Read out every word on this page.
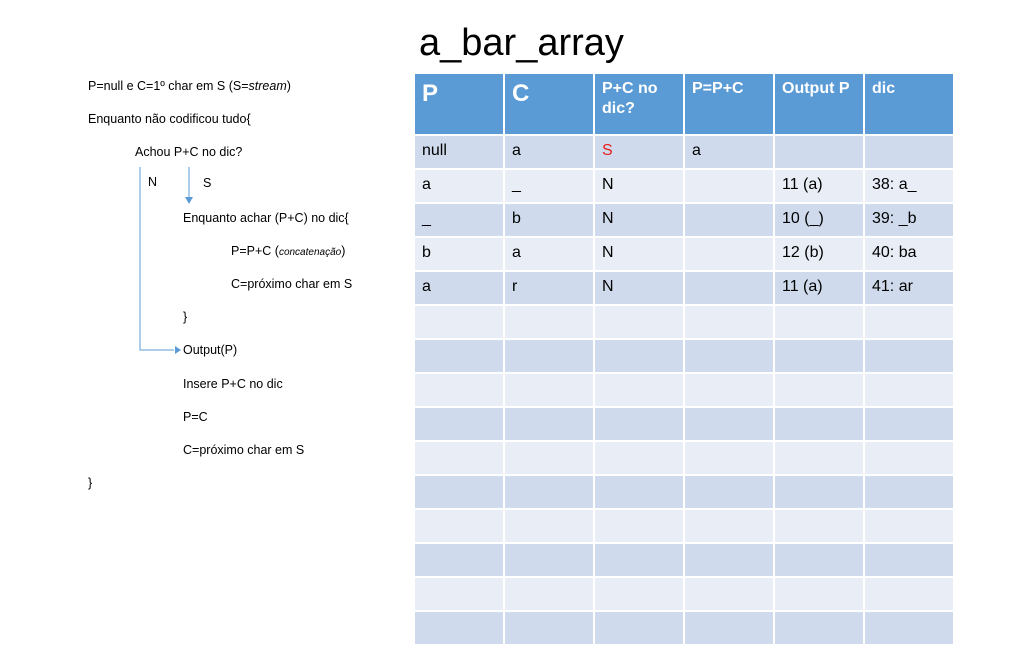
a_bar_array
P=null e C=1º char em S (S=stream)
Enquanto não codificou tudo{
Achou P+C no dic?
N	S
Enquanto achar (P+C) no dic{
P=P+C (concatenação)
C=próximo char em S
}
Output(P)
Insere P+C no dic
P=C
C=próximo char em S
}
P	C	P+C no dic?	P=P+C	Output P	dic
null	a	S	a		
a	_	N		11 (a)	38: a_
_	b	N		10 (_)	39: _b
b	a	N		12 (b)	40: ba
a	r	N		11 (a)	41: ar
